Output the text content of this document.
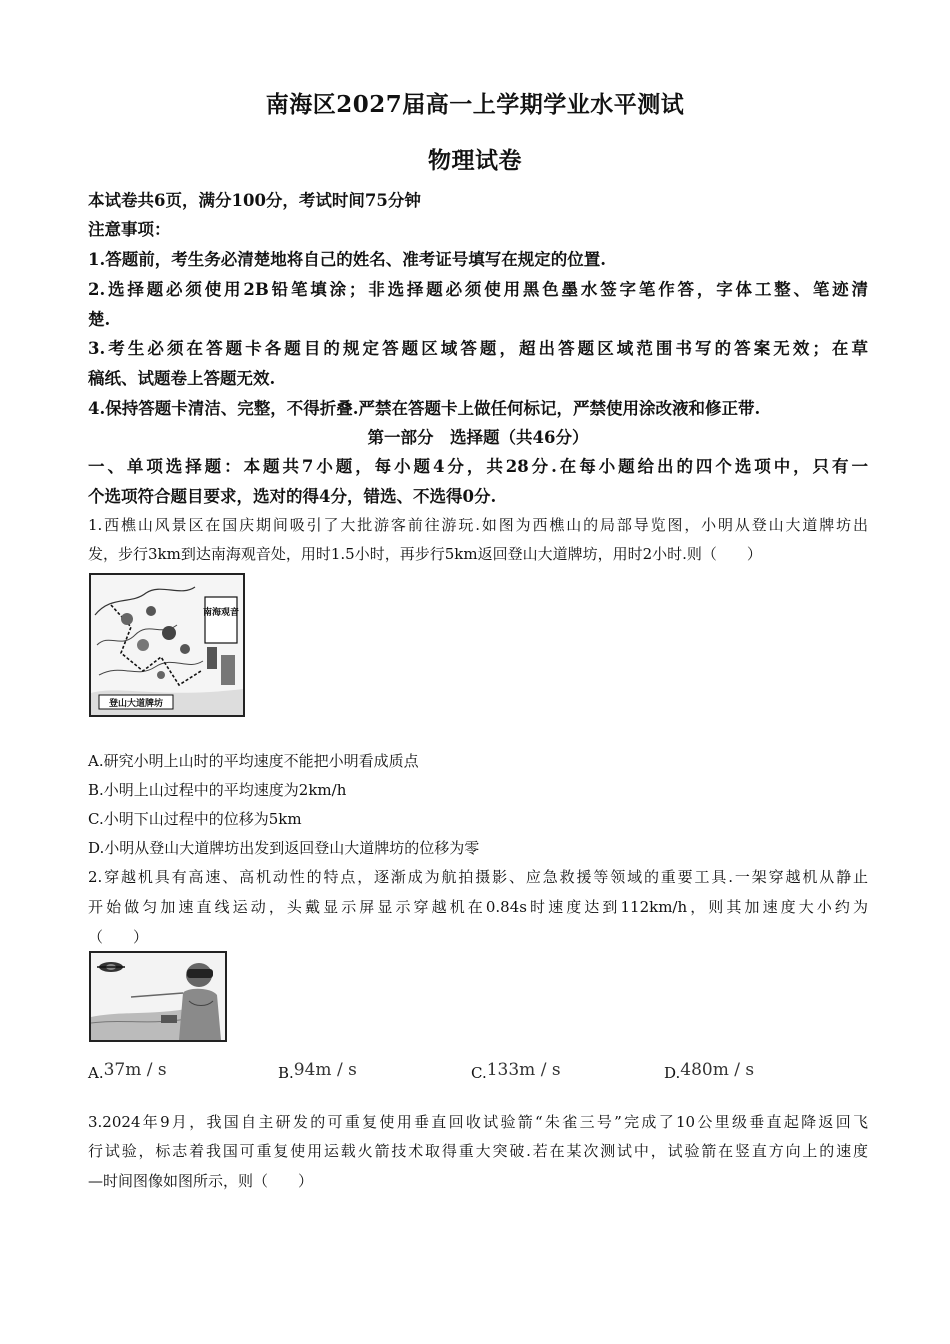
南海区2027届高一上学期学业水平测试
物理试卷
本试卷共6页，满分100分，考试时间75分钟
注意事项：
1.答题前，考生务必清楚地将自己的姓名、准考证号填写在规定的位置.
2.选择题必须使用2B铅笔填涂；非选择题必须使用黑色墨水签字笔作答，字体工整、笔迹清
楚.
3.考生必须在答题卡各题目的规定答题区域答题，超出答题区域范围书写的答案无效；在草
稿纸、试题卷上答题无效.
4.保持答题卡清洁、完整，不得折叠.严禁在答题卡上做任何标记，严禁使用涂改液和修正带.
第一部分　选择题（共46分）
一、单项选择题：本题共7小题，每小题4分，共28分.在每小题给出的四个选项中，只有一
个选项符合题目要求，选对的得4分，错选、不选得0分.
1.西樵山风景区在国庆期间吸引了大批游客前往游玩.如图为西樵山的局部导览图，小明从登山大道牌坊出
发，步行3km到达南海观音处，用时1.5小时，再步行5km返回登山大道牌坊，用时2小时.则（　　）
南海观音
登山大道牌坊
A.研究小明上山时的平均速度不能把小明看成质点
B.小明上山过程中的平均速度为2km/h
C.小明下山过程中的位移为5km
D.小明从登山大道牌坊出发到返回登山大道牌坊的位移为零
2.穿越机具有高速、高机动性的特点，逐渐成为航拍摄影、应急救援等领域的重要工具.一架穿越机从静止
开始做匀加速直线运动，头戴显示屏显示穿越机在0.84s时速度达到112km/h，则其加速度大小约为
（　　）
A.37m / s	B.94m / s	C.133m / s	D.480m / s
3.2024年9月，我国自主研发的可重复使用垂直回收试验箭“朱雀三号”完成了10公里级垂直起降返回飞
行试验，标志着我国可重复使用运载火箭技术取得重大突破.若在某次测试中，试验箭在竖直方向上的速度
—时间图像如图所示，则（　　）
